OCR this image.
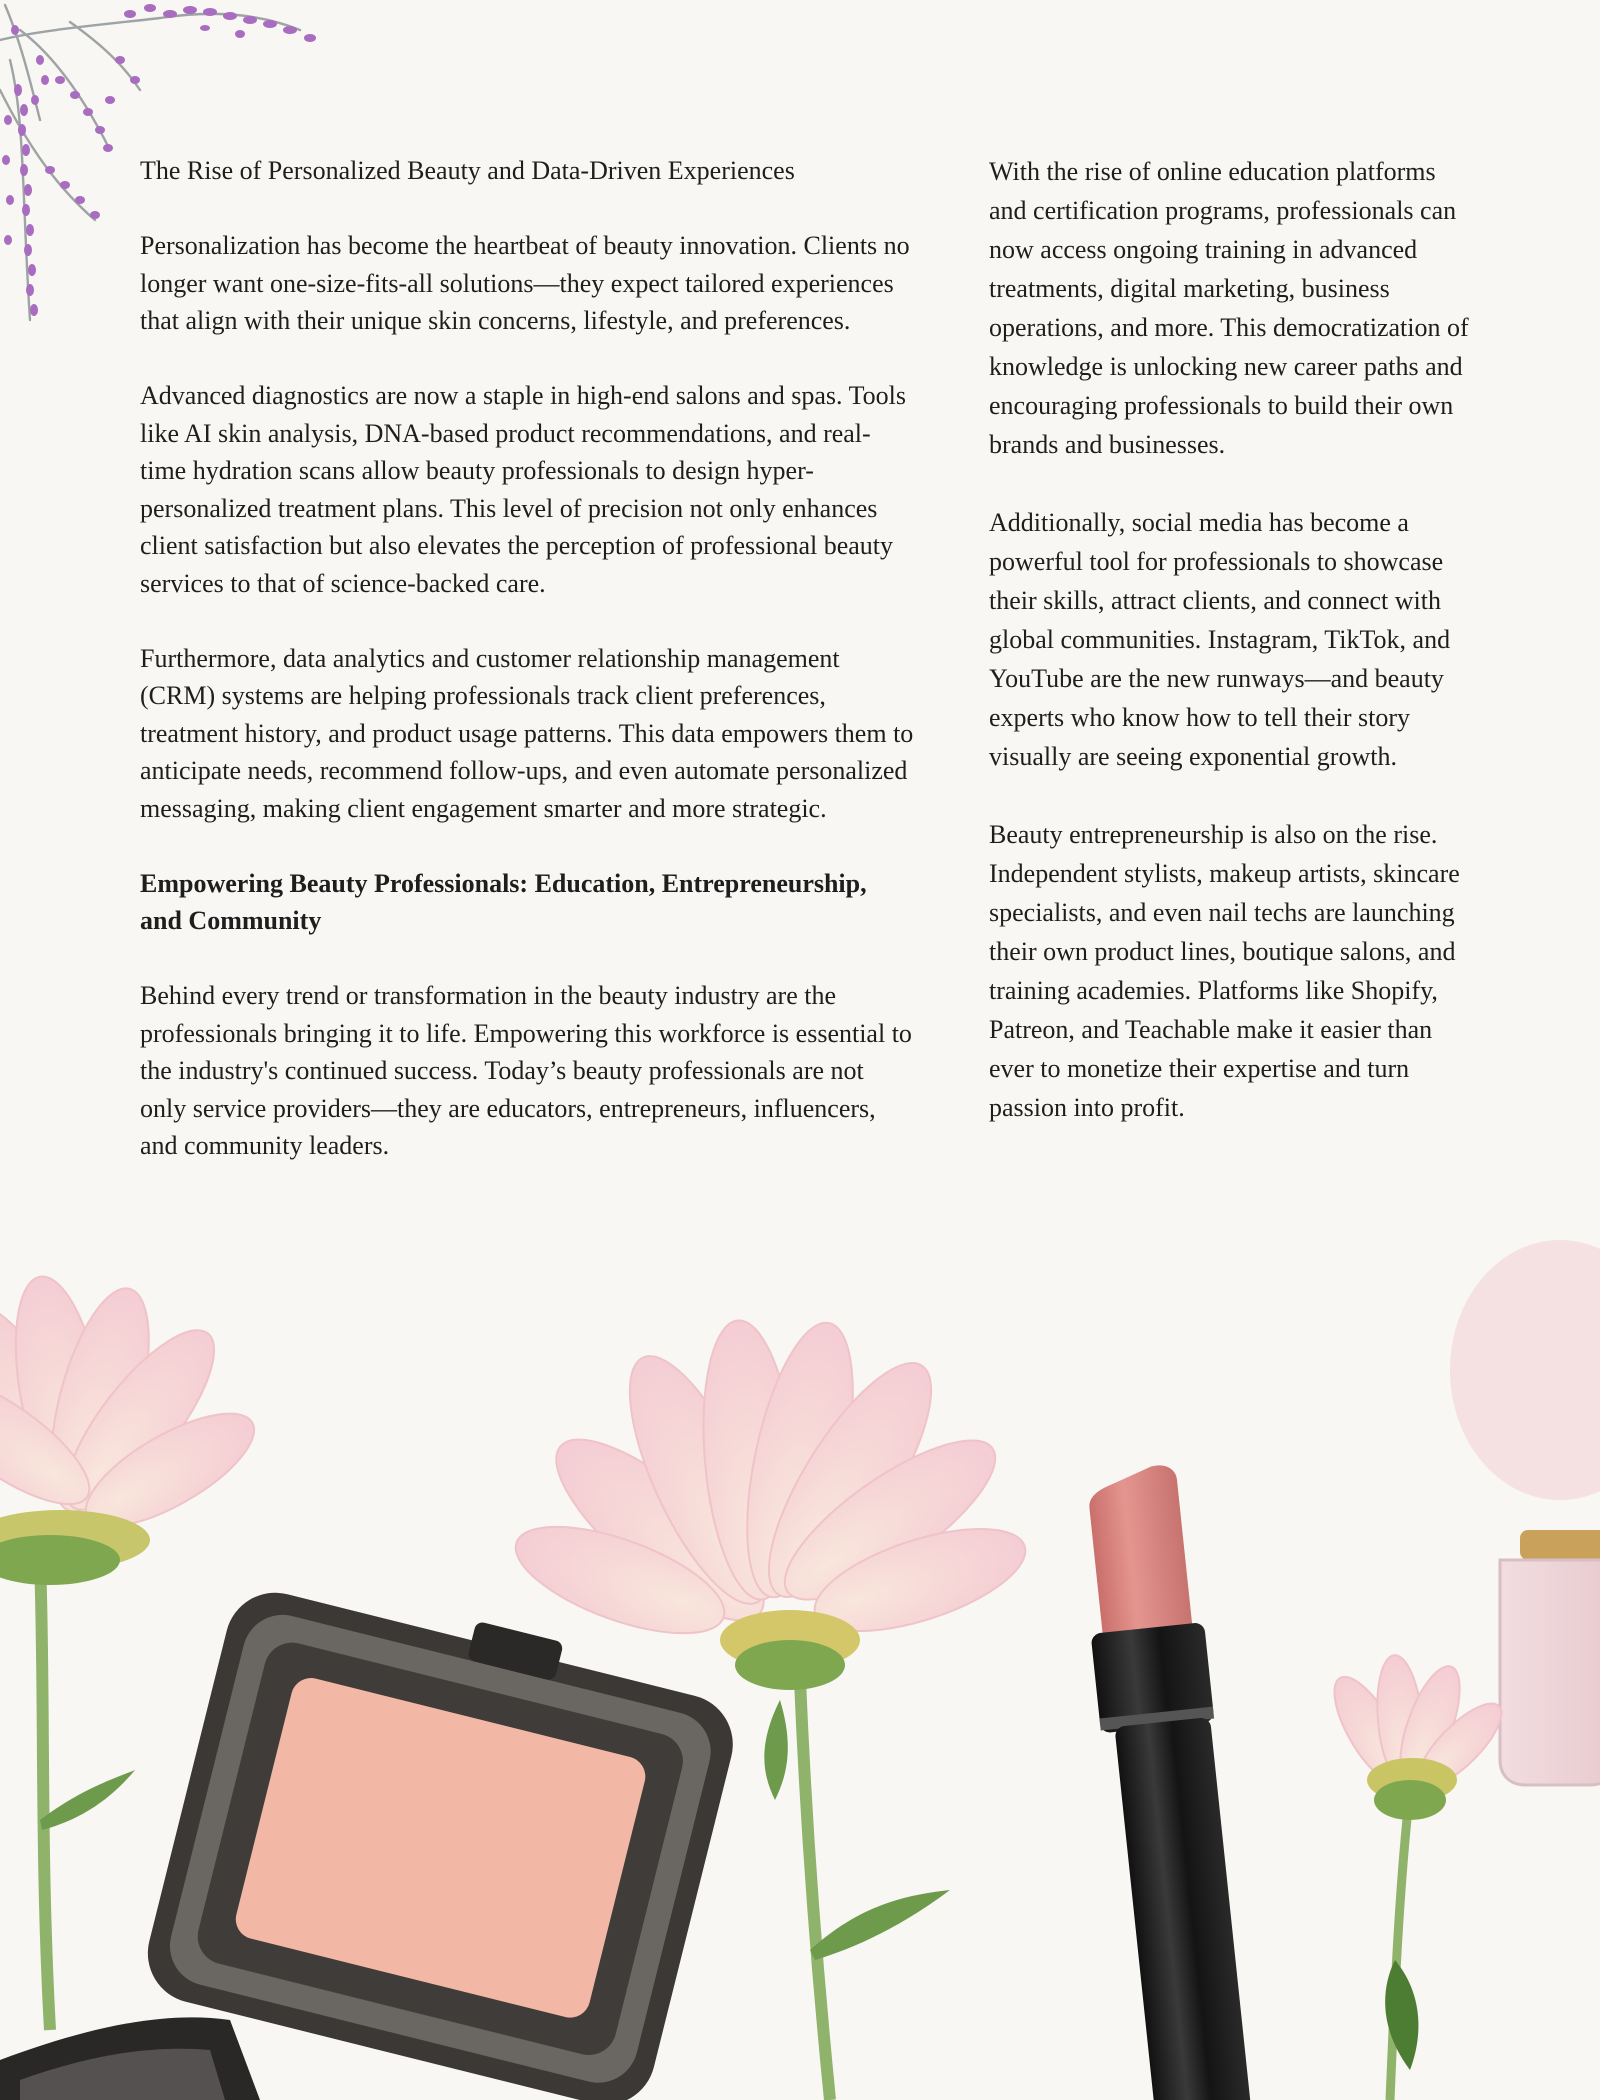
The Rise of Personalized Beauty and Data-Driven Experiences

Personalization has become the heartbeat of beauty innovation. Clients no longer want one-size-fits-all solutions—they expect tailored experiences that align with their unique skin concerns, lifestyle, and preferences.

Advanced diagnostics are now a staple in high-end salons and spas. Tools like AI skin analysis, DNA-based product recommendations, and real-time hydration scans allow beauty professionals to design hyper-personalized treatment plans. This level of precision not only enhances client satisfaction but also elevates the perception of professional beauty services to that of science-backed care.

Furthermore, data analytics and customer relationship management (CRM) systems are helping professionals track client preferences, treatment history, and product usage patterns. This data empowers them to anticipate needs, recommend follow-ups, and even automate personalized messaging, making client engagement smarter and more strategic.

Empowering Beauty Professionals: Education, Entrepreneurship, and Community

Behind every trend or transformation in the beauty industry are the professionals bringing it to life. Empowering this workforce is essential to the industry's continued success. Today’s beauty professionals are not only service providers—they are educators, entrepreneurs, influencers, and community leaders.

With the rise of online education platforms and certification programs, professionals can now access ongoing training in advanced treatments, digital marketing, business operations, and more. This democratization of knowledge is unlocking new career paths and encouraging professionals to build their own brands and businesses.

Additionally, social media has become a powerful tool for professionals to showcase their skills, attract clients, and connect with global communities. Instagram, TikTok, and YouTube are the new runways—and beauty experts who know how to tell their story visually are seeing exponential growth.

Beauty entrepreneurship is also on the rise. Independent stylists, makeup artists, skincare specialists, and even nail techs are launching their own product lines, boutique salons, and training academies. Platforms like Shopify, Patreon, and Teachable make it easier than ever to monetize their expertise and turn passion into profit.
